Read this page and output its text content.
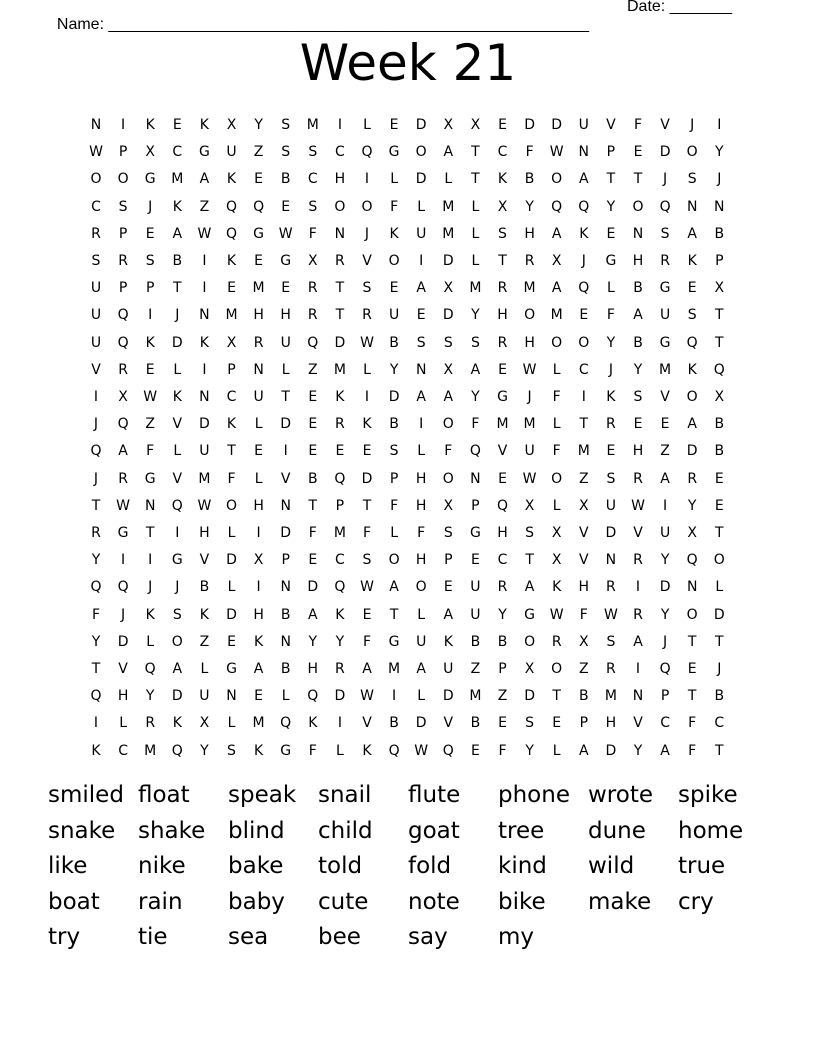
Name: ______________________________________________________

Date: _______

Week 21
N	I	K	E	K	X	Y	S	M	I	L	E	D	X	X	E	D	D	U	V	F	V	J	I
W	P	X	C	G	U	Z	S	S	C	Q	G	O	A	T	C	F	W	N	P	E	D	O	Y
O	O	G	M	A	K	E	B	C	H	I	L	D	L	T	K	B	O	A	T	T	J	S	J
C	S	J	K	Z	Q	Q	E	S	O	O	F	L	M	L	X	Y	Q	Q	Y	O	Q	N	N
R	P	E	A	W	Q	G	W	F	N	J	K	U	M	L	S	H	A	K	E	N	S	A	B
S	R	S	B	I	K	E	G	X	R	V	O	I	D	L	T	R	X	J	G	H	R	K	P
U	P	P	T	I	E	M	E	R	T	S	E	A	X	M	R	M	A	Q	L	B	G	E	X
U	Q	I	J	N	M	H	H	R	T	R	U	E	D	Y	H	O	M	E	F	A	U	S	T
U	Q	K	D	K	X	R	U	Q	D	W	B	S	S	S	R	H	O	O	Y	B	G	Q	T
V	R	E	L	I	P	N	L	Z	M	L	Y	N	X	A	E	W	L	C	J	Y	M	K	Q
I	X	W	K	N	C	U	T	E	K	I	D	A	A	Y	G	J	F	I	K	S	V	O	X
J	Q	Z	V	D	K	L	D	E	R	K	B	I	O	F	M	M	L	T	R	E	E	A	B
Q	A	F	L	U	T	E	I	E	E	E	S	L	F	Q	V	U	F	M	E	H	Z	D	B
J	R	G	V	M	F	L	V	B	Q	D	P	H	O	N	E	W	O	Z	S	R	A	R	E
T	W	N	Q	W	O	H	N	T	P	T	F	H	X	P	Q	X	L	X	U	W	I	Y	E
R	G	T	I	H	L	I	D	F	M	F	L	F	S	G	H	S	X	V	D	V	U	X	T
Y	I	I	G	V	D	X	P	E	C	S	O	H	P	E	C	T	X	V	N	R	Y	Q	O
Q	Q	J	J	B	L	I	N	D	Q	W	A	O	E	U	R	A	K	H	R	I	D	N	L
F	J	K	S	K	D	H	B	A	K	E	T	L	A	U	Y	G	W	F	W	R	Y	O	D
Y	D	L	O	Z	E	K	N	Y	Y	F	G	U	K	B	B	O	R	X	S	A	J	T	T
T	V	Q	A	L	G	A	B	H	R	A	M	A	U	Z	P	X	O	Z	R	I	Q	E	J
Q	H	Y	D	U	N	E	L	Q	D	W	I	L	D	M	Z	D	T	B	M	N	P	T	B
I	L	R	K	X	L	M	Q	K	I	V	B	D	V	B	E	S	E	P	H	V	C	F	C
K	C	M	Q	Y	S	K	G	F	L	K	Q	W	Q	E	F	Y	L	A	D	Y	A	F	T
smiled float speak snail flute phone wrote spike
snake shake blind child goat tree dune home
like nike bake told fold kind wild true
boat rain baby cute note bike make cry
try	tie	sea bee say my
